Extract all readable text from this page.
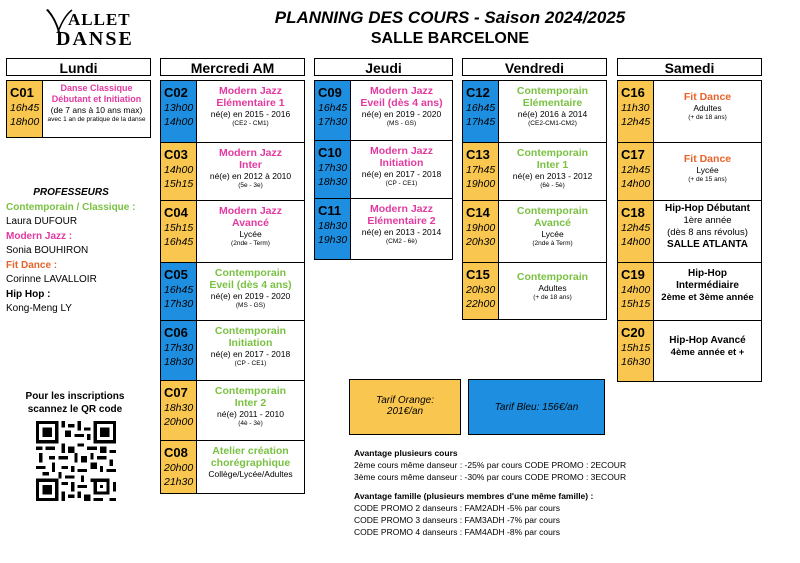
ALLET
DANSE
PLANNING DES COURS - Saison 2024/2025
SALLE BARCELONE
Lundi	Mercredi AM	Jeudi	Vendredi	Samedi
C01
16h45
18h00
Danse Classique Débutant et Initiation
(de 7 ans à 10 ans max)
avec 1 an de pratique de la danse
C02
13h00
14h00
Modern Jazz
Elémentaire 1
né(e) en 2015 - 2016
(CE2 - CM1)
C03
14h00
15h15
Modern Jazz
Inter
né(e) en 2012 à 2010
(5e - 3e)
C04
15h15
16h45
Modern Jazz
Avancé
Lycée
(2nde - Term)
C05
16h45
17h30
Contemporain
Eveil (dès 4 ans)
né(e) en 2019 - 2020
(MS - GS)
C06
17h30
18h30
Contemporain
Initiation
né(e) en 2017 - 2018
(CP - CE1)
C07
18h30
20h00
Contemporain
Inter 2
né(e) 2011 - 2010
(4è - 3è)
C08
20h00
21h30
Atelier création
chorégraphique
Collège/Lycée/Adultes
C09
16h45
17h30
Modern Jazz
Eveil (dès 4 ans)
né(e) en 2019 - 2020
(MS - GS)
C10
17h30
18h30
Modern Jazz
Initiation
né(e) en 2017 - 2018
(CP - CE1)
C11
18h30
19h30
Modern Jazz
Elémentaire 2
né(e) en 2013 - 2014
(CM2 - 6è)
C12
16h45
17h45
Contemporain
Elémentaire
né(e) 2016 à 2014
(CE2-CM1-CM2)
C13
17h45
19h00
Contemporain
Inter 1
né(e) en 2013 - 2012
(6è - 5è)
C14
19h00
20h30
Contemporain
Avancé
Lycée
(2nde à Term)
C15
20h30
22h00
Contemporain
Adultes
(+ de 18 ans)
C16
11h30
12h45
Fit Dance
Adultes
(+ de 18 ans)
C17
12h45
14h00
Fit Dance
Lycée
(+ de 15 ans)
C18
12h45
14h00
Hip-Hop Débutant
1ère année
(dès 8 ans révolus)
SALLE ATLANTA
C19
14h00
15h15
Hip-Hop
Intermédiaire
2ème et 3ème année
C20
15h15
16h30
Hip-Hop Avancé
4ème année et +
PROFESSEURS
Contemporain / Classique :
Laura DUFOUR
Modern Jazz :
Sonia BOUHIRON
Fit Dance :
Corinne LAVALLOIR
Hip Hop :
Kong-Meng LY
Pour les inscriptions
scannez le QR code
Tarif Orange:
201€/an	Tarif Bleu: 156€/an
Avantage plusieurs cours
2ème cours même danseur : -25% par cours CODE PROMO : 2ECOUR
3ème cours même danseur : -30% par cours CODE PROMO : 3ECOUR
Avantage famille (plusieurs membres d'une même famille) :
CODE PROMO 2 danseurs : FAM2ADH -5% par cours
CODE PROMO 3 danseurs : FAM3ADH -7% par cours
CODE PROMO 4 danseurs : FAM4ADH -8% par cours
